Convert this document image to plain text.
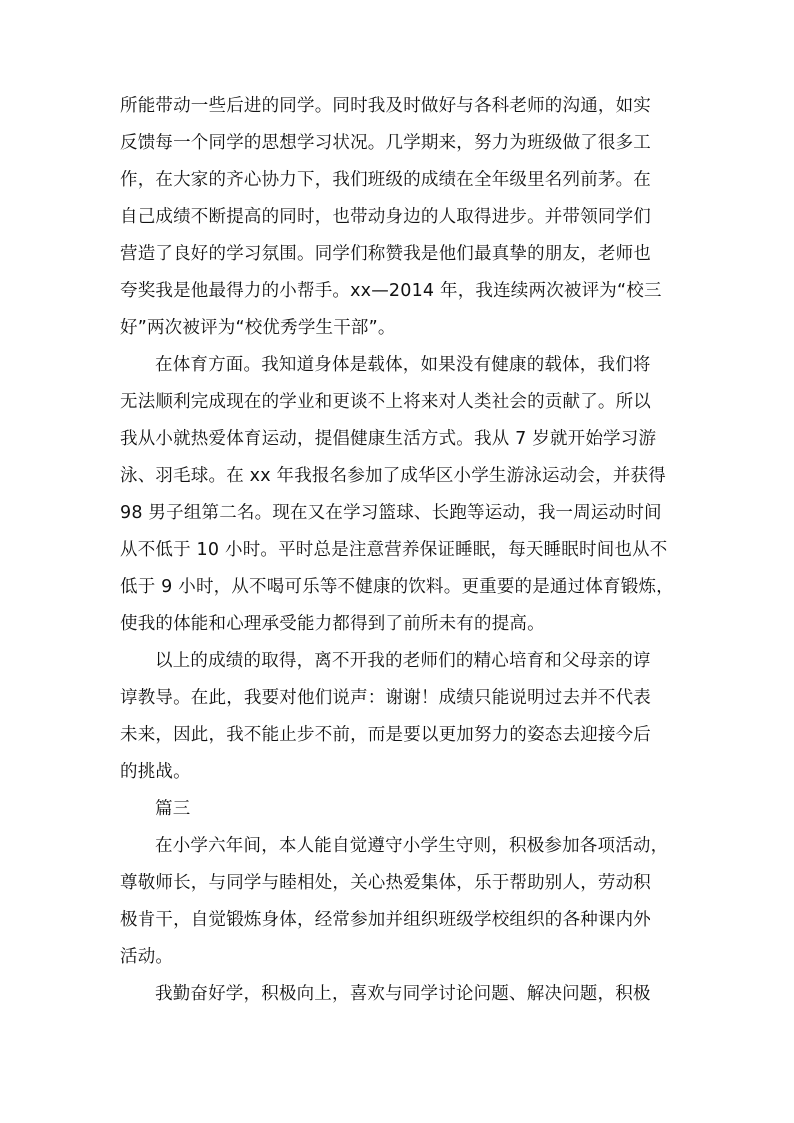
所能带动一些后进的同学。同时我及时做好与各科老师的沟通，如实
反馈每一个同学的思想学习状况。几学期来，努力为班级做了很多工
作，在大家的齐心协力下，我们班级的成绩在全年级里名列前茅。在
自己成绩不断提高的同时，也带动身边的人取得进步。并带领同学们
营造了良好的学习氛围。同学们称赞我是他们最真挚的朋友，老师也
夸奖我是他最得力的小帮手。xx—2014 年，我连续两次被评为“校三
好”两次被评为“校优秀学生干部”。
在体育方面。我知道身体是载体，如果没有健康的载体，我们将
无法顺利完成现在的学业和更谈不上将来对人类社会的贡献了。所以
我从小就热爱体育运动，提倡健康生活方式。我从 7 岁就开始学习游
泳、羽毛球。在 xx 年我报名参加了成华区小学生游泳运动会，并获得
98 男子组第二名。现在又在学习篮球、长跑等运动，我一周运动时间
从不低于 10 小时。平时总是注意营养保证睡眠，每天睡眠时间也从不
低于 9 小时，从不喝可乐等不健康的饮料。更重要的是通过体育锻炼，
使我的体能和心理承受能力都得到了前所未有的提高。
以上的成绩的取得，离不开我的老师们的精心培育和父母亲的谆
谆教导。在此，我要对他们说声：谢谢！成绩只能说明过去并不代表
未来，因此，我不能止步不前，而是要以更加努力的姿态去迎接今后
的挑战。
篇三
在小学六年间，本人能自觉遵守小学生守则，积极参加各项活动，
尊敬师长，与同学与睦相处，关心热爱集体，乐于帮助别人，劳动积
极肯干，自觉锻炼身体，经常参加并组织班级学校组织的各种课内外
活动。
我勤奋好学，积极向上，喜欢与同学讨论问题、解决问题，积极
